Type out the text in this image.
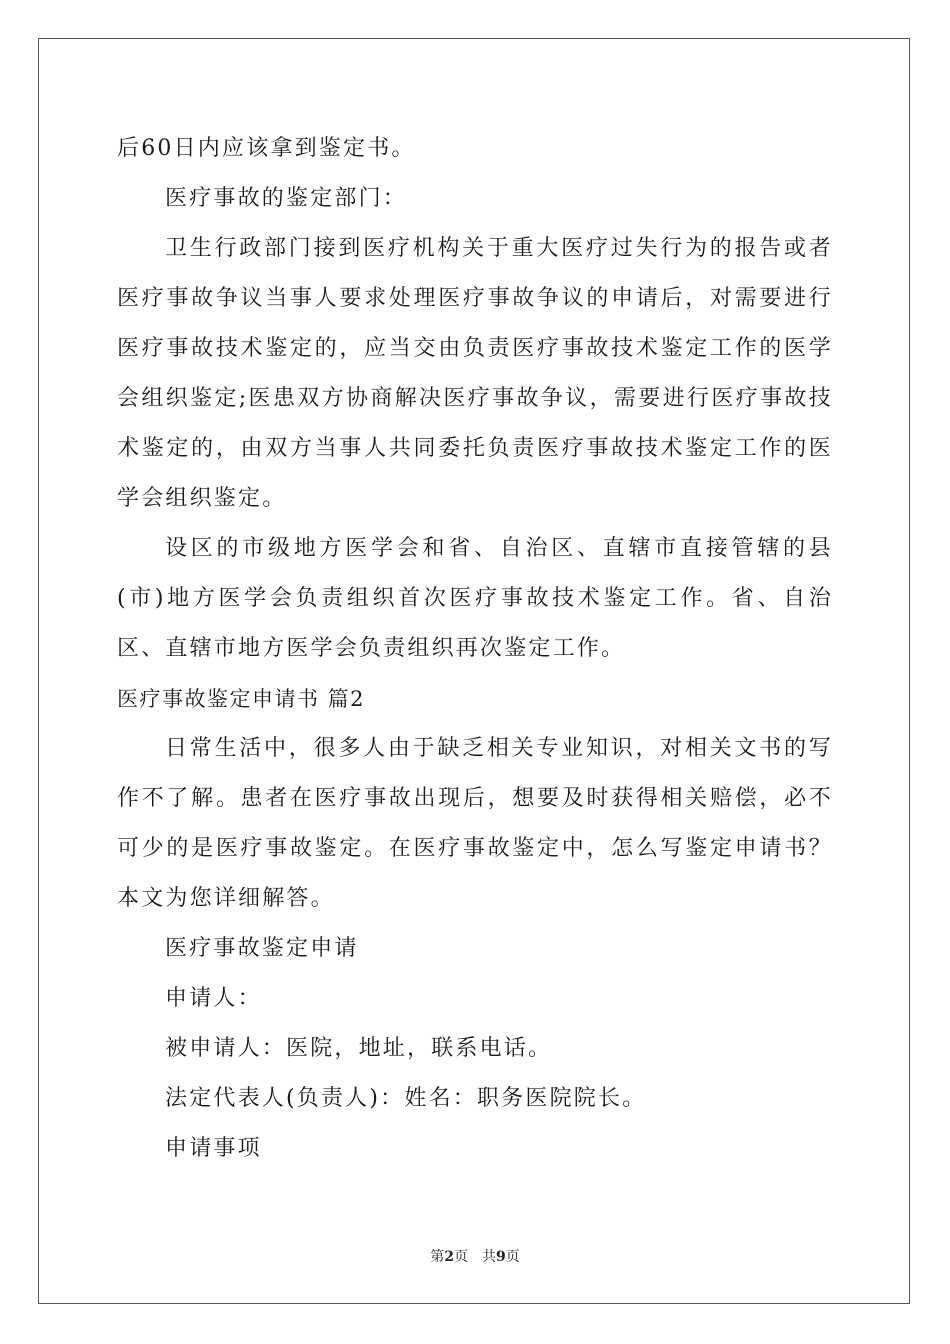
后60日内应该拿到鉴定书。

医疗事故的鉴定部门：

卫生行政部门接到医疗机构关于重大医疗过失行为的报告或者医疗事故争议当事人要求处理医疗事故争议的申请后，对需要进行医疗事故技术鉴定的，应当交由负责医疗事故技术鉴定工作的医学会组织鉴定;医患双方协商解决医疗事故争议，需要进行医疗事故技术鉴定的，由双方当事人共同委托负责医疗事故技术鉴定工作的医学会组织鉴定。

设区的市级地方医学会和省、自治区、直辖市直接管辖的县(市)地方医学会负责组织首次医疗事故技术鉴定工作。省、自治区、直辖市地方医学会负责组织再次鉴定工作。

医疗事故鉴定申请书 篇2

日常生活中，很多人由于缺乏相关专业知识，对相关文书的写作不了解。患者在医疗事故出现后，想要及时获得相关赔偿，必不可少的是医疗事故鉴定。在医疗事故鉴定中，怎么写鉴定申请书？本文为您详细解答。

医疗事故鉴定申请

申请人：

被申请人：医院，地址，联系电话。

法定代表人(负责人)：姓名：职务医院院长。

申请事项

第2页　共9页
